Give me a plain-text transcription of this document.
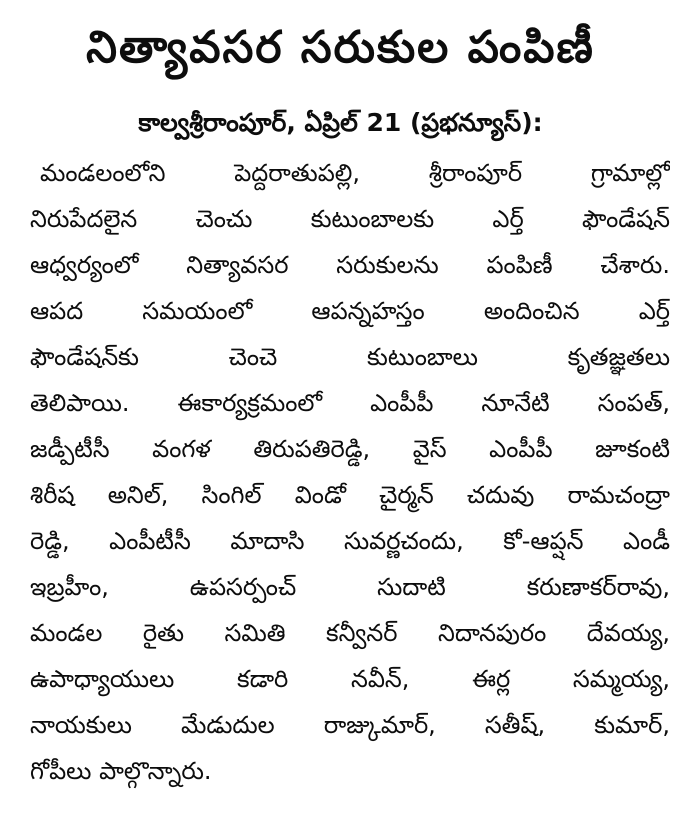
నిత్యావసర సరుకుల పంపిణీ
కాల్వశ్రీరాంపూర్, ఏప్రిల్ 21 (ప్రభన్యూస్):
మండలంలోని పెద్దరాతుపల్లి, శ్రీరాంపూర్ గ్రామాల్లో
నిరుపేదలైన చెంచు కుటుంబాలకు ఎర్త్ ఫౌండేషన్
ఆధ్వర్యంలో నిత్యావసర సరుకులను పంపిణీ చేశారు.
ఆపద సమయంలో ఆపన్నహస్తం అందించిన ఎర్త్
ఫౌండేషన్‌కు చెంచె కుటుంబాలు కృతజ్ఞతలు
తెలిపాయి. ఈకార్యక్రమంలో ఎంపీపీ నూనేటి సంపత్,
జడ్పీటీసీ వంగళ తిరుపతిరెడ్డి, వైస్ ఎంపీపీ జూకంటి
శిరీష అనిల్, సింగిల్ విండో చైర్మన్ చదువు రామచంద్రా
రెడ్డి, ఎంపీటీసీ మాదాసి సువర్ణచందు, కో-ఆప్షన్ ఎండీ
ఇబ్రహీం, ఉపసర్పంచ్ సుదాటి కరుణాకర్‌రావు,
మండల రైతు సమితి కన్వీనర్ నిదానపురం దేవయ్య,
ఉపాధ్యాయులు కడారి నవీన్, ఈర్ల సమ్మయ్య,
నాయకులు మేడుదుల రాజ్కుమార్, సతీష్, కుమార్,
గోపీలు పాల్గొన్నారు.
